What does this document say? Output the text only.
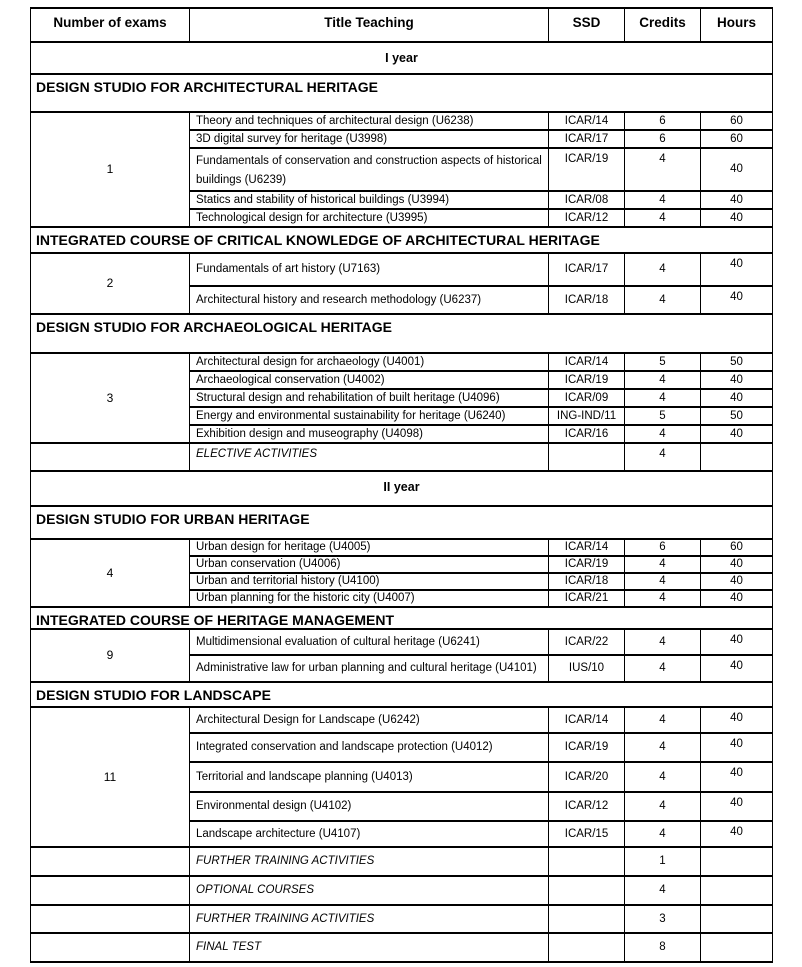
Number of exams	Title Teaching	SSD	Credits	Hours
I year				
DESIGN STUDIO FOR ARCHITECTURAL HERITAGE				
1	Theory and techniques of architectural design (U6238)	ICAR/14	6	60
	3D digital survey for heritage (U3998)	ICAR/17	6	60
	Fundamentals of conservation and construction aspects of historical buildings (U6239)	ICAR/19	4	40
	Statics and stability of historical buildings (U3994)	ICAR/08	4	40
	Technological design for architecture (U3995)	ICAR/12	4	40
INTEGRATED COURSE OF CRITICAL KNOWLEDGE OF ARCHITECTURAL HERITAGE				
2	Fundamentals of art history (U7163)	ICAR/17	4	40
	Architectural history and research methodology (U6237)	ICAR/18	4	40
DESIGN STUDIO FOR ARCHAEOLOGICAL HERITAGE				
3	Architectural design for archaeology (U4001)	ICAR/14	5	50
	Archaeological conservation (U4002)	ICAR/19	4	40
	Structural design and rehabilitation of built heritage (U4096)	ICAR/09	4	40
	Energy and environmental sustainability for heritage (U6240)	ING-IND/11	5	50
	Exhibition design and museography (U4098)	ICAR/16	4	40
	ELECTIVE ACTIVITIES		4	
II year				
DESIGN STUDIO FOR URBAN HERITAGE				
4	Urban design for heritage (U4005)	ICAR/14	6	60
	Urban conservation (U4006)	ICAR/19	4	40
	Urban and territorial history (U4100)	ICAR/18	4	40
	Urban planning for the historic city (U4007)	ICAR/21	4	40
INTEGRATED COURSE OF HERITAGE MANAGEMENT				
9	Multidimensional evaluation of cultural heritage (U6241)	ICAR/22	4	40
	Administrative law for urban planning and cultural heritage (U4101)	IUS/10	4	40
DESIGN STUDIO FOR LANDSCAPE				
11	Architectural Design for Landscape (U6242)	ICAR/14	4	40
	Integrated conservation and landscape protection (U4012)	ICAR/19	4	40
	Territorial and landscape planning (U4013)	ICAR/20	4	40
	Environmental design (U4102)	ICAR/12	4	40
	Landscape architecture (U4107)	ICAR/15	4	40
	FURTHER TRAINING ACTIVITIES		1	
	OPTIONAL COURSES		4	
	FURTHER TRAINING ACTIVITIES		3	
	FINAL TEST		8	
